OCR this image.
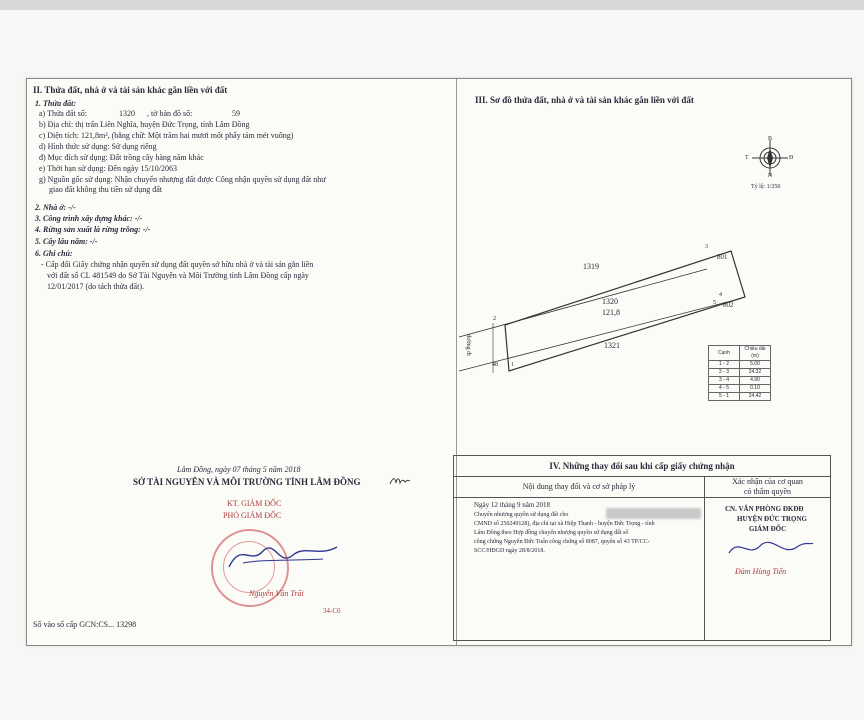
II. Thửa đất, nhà ở và tài sản khác gắn liền với đất
1. Thửa đất:
a) Thửa đất số:	1320 , tờ bản đồ số:	59
b) Địa chỉ: thị trấn Liên Nghĩa, huyện Đức Trọng, tỉnh Lâm Đồng
c) Diện tích: 121,8m², (bằng chữ: Một trăm hai mươi mốt phẩy tám mét vuông)
d) Hình thức sử dụng: Sử dụng riêng
đ) Mục đích sử dụng: Đất trồng cây hàng năm khác
e) Thời hạn sử dụng: Đến ngày 15/10/2063
g) Nguồn gốc sử dụng: Nhận chuyển nhượng đất được Công nhận quyền sử dụng đất như
giao đất không thu tiền sử dụng đất
2. Nhà ở: -/-
3. Công trình xây dựng khác: -/-
4. Rừng sản xuất là rừng trồng: -/-
5. Cây lâu năm: -/-
6. Ghi chú:
- Cấp đổi Giấy chứng nhận quyền sử dụng đất quyền sở hữu nhà ở và tài sản gắn liền
với đất số CL 481549 do Sở Tài Nguyên và Môi Trường tỉnh Lâm Đồng cấp ngày
12/01/2017 (do tách thửa đất).
Lâm Đồng, ngày 07 tháng 5 năm 2018
SỞ TÀI NGUYÊN VÀ MÔI TRƯỜNG TỈNH LÂM ĐỒNG
KT. GIÁM ĐỐC
PHÓ GIÁM ĐỐC
Nguyễn Văn Trãi
34-C6
Số vào sổ cấp GCN:CS... 13298
III. Sơ đồ thửa đất, nhà ở và tài sản khác gắn liền với đất
B
N
Đ
T
Tỷ lệ: 1/250
1319
801
802
1320
121,8
1321
48
đường đi
1
2
3
4
5
Cạnh	Chiều dài (m)
1 - 2	5.00
2 - 3	24.32
3 - 4	4.90
4 - 5	0.10
5 - 1	24.42
IV. Những thay đổi sau khi cấp giấy chứng nhận
Nội dung thay đổi và cơ sở pháp lý
Ngày 12 tháng 9 năm 2018
Chuyển nhượng quyền sử dụng đất cho
CMND số 250249128), địa chỉ tại xã Hiệp Thạnh - huyện Đức Trọng - tỉnh
Lâm Đồng theo Hợp đồng chuyển nhượng quyền sử dụng đất số
công chứng Nguyễn Đức Tuấn công chứng số 8087, quyển số 43 TP/CC-
SCC/HĐGD ngày 28/8/2018.
Xác nhận của cơ quan
có thẩm quyền
CN. VĂN PHÒNG ĐKĐĐ
HUYỆN ĐỨC TRỌNG
GIÁM ĐỐC
Đàm Hùng Tiến
